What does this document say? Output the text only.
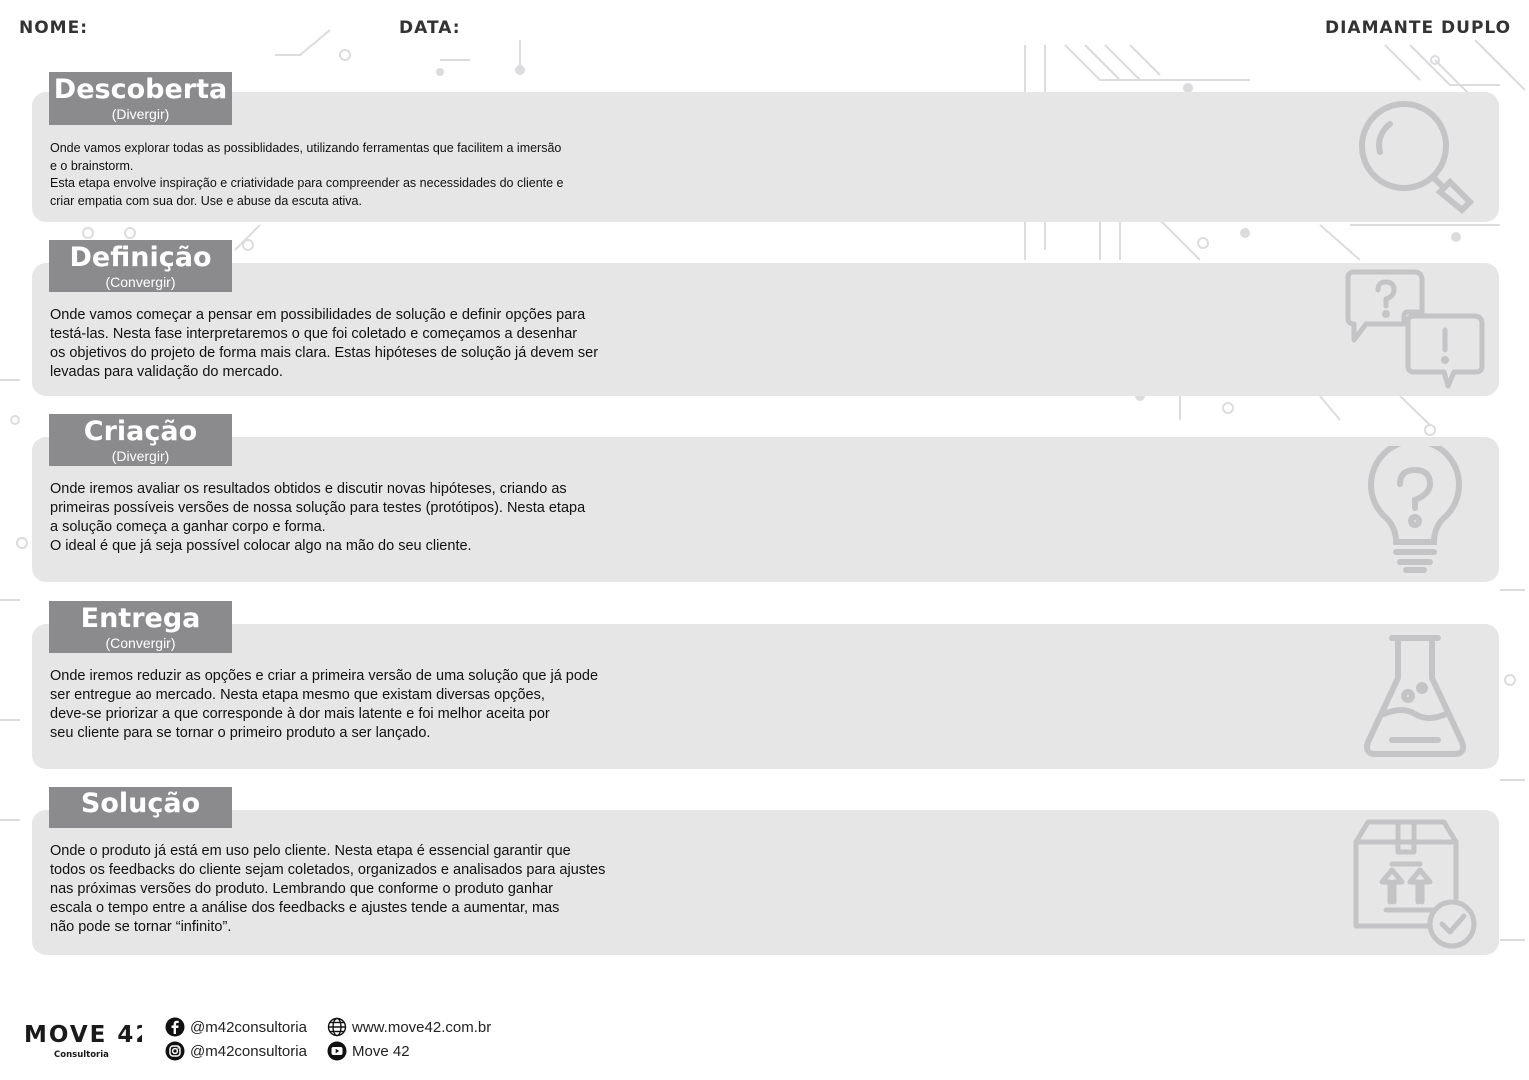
NOME:	DATA:	DIAMANTE DUPLO
Descoberta
(Divergir)

Onde vamos explorar todas as possiblidades, utilizando ferramentas que facilitem a imersão
e o brainstorm.
Esta etapa envolve inspiração e criatividade para compreender as necessidades do cliente e
criar empatia com sua dor. Use e abuse da escuta ativa.

Definição
(Convergir)

Onde vamos começar a pensar em possibilidades de solução e definir opções para
testá-las. Nesta fase interpretaremos o que foi coletado e começamos a desenhar
os objetivos do projeto de forma mais clara. Estas hipóteses de solução já devem ser
levadas para validação do mercado.

Criação
(Divergir)

Onde iremos avaliar os resultados obtidos e discutir novas hipóteses, criando as
primeiras possíveis versões de nossa solução para testes (protótipos). Nesta etapa
a solução começa a ganhar corpo e forma.
O ideal é que já seja possível colocar algo na mão do seu cliente.

Entrega
(Convergir)

Onde iremos reduzir as opções e criar a primeira versão de uma solução que já pode
ser entregue ao mercado. Nesta etapa mesmo que existam diversas opções,
deve-se priorizar a que corresponde à dor mais latente e foi melhor aceita por
seu cliente para se tornar o primeiro produto a ser lançado.

Solução

Onde o produto já está em uso pelo cliente. Nesta etapa é essencial garantir que
todos os feedbacks do cliente sejam coletados, organizados e analisados para ajustes
nas próximas versões do produto. Lembrando que conforme o produto ganhar
escala o tempo entre a análise dos feedbacks e ajustes tende a aumentar, mas
não pode se tornar “infinito”.

MOVE 42
Consultoria
@m42consultoria
@m42consultoria
www.move42.com.br
Move 42
